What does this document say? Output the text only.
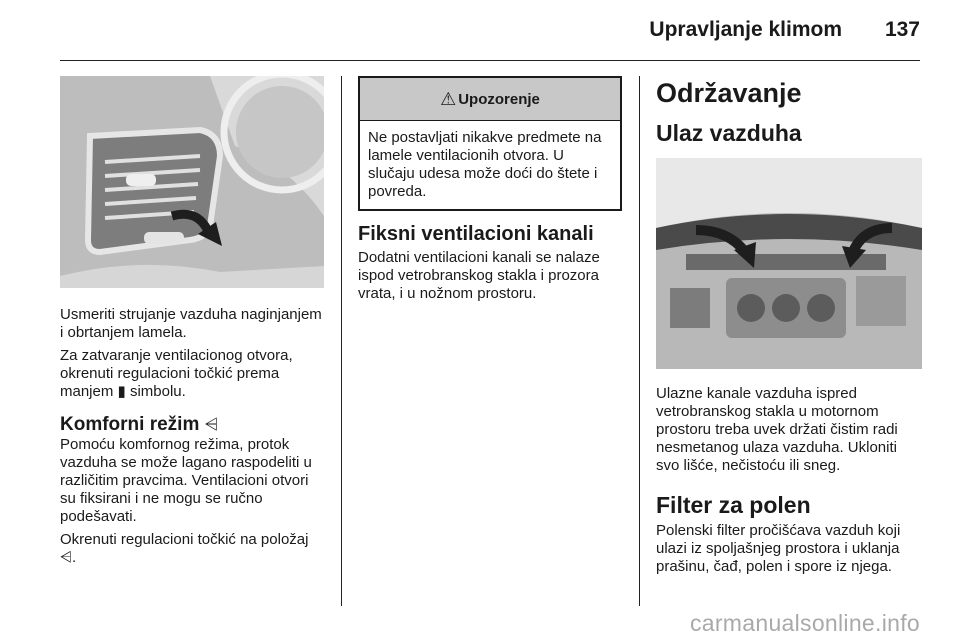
Upravljanje klimom 137

Usmeriti strujanje vazduha naginjanjem i obrtanjem lamela.

Za zatvaranje ventilacionog otvora, okrenuti regulacioni točkić prema manjem ▮ simbolu.

Komforni režim ⩤

Pomoću komfornog režima, protok vazduha se može lagano raspodeliti u različitim pravcima. Ventilacioni otvori su fiksirani i ne mogu se ručno podešavati.

Okrenuti regulacioni točkić na položaj ⩤.

⚠ Upozorenje

Ne postavljati nikakve predmete na lamele ventilacionih otvora. U slučaju udesa može doći do štete i povreda.

Fiksni ventilacioni kanali

Dodatni ventilacioni kanali se nalaze ispod vetrobranskog stakla i prozora vrata, i u nožnom prostoru.

Održavanje
Ulaz vazduha

Ulazne kanale vazduha ispred vetrobranskog stakla u motornom prostoru treba uvek držati čistim radi nesmetanog ulaza vazduha. Ukloniti svo lišće, nečistoću ili sneg.

Filter za polen

Polenski filter pročišćava vazduh koji ulazi iz spoljašnjeg prostora i uklanja prašinu, čađ, polen i spore iz njega.

carmanualsonline.info
